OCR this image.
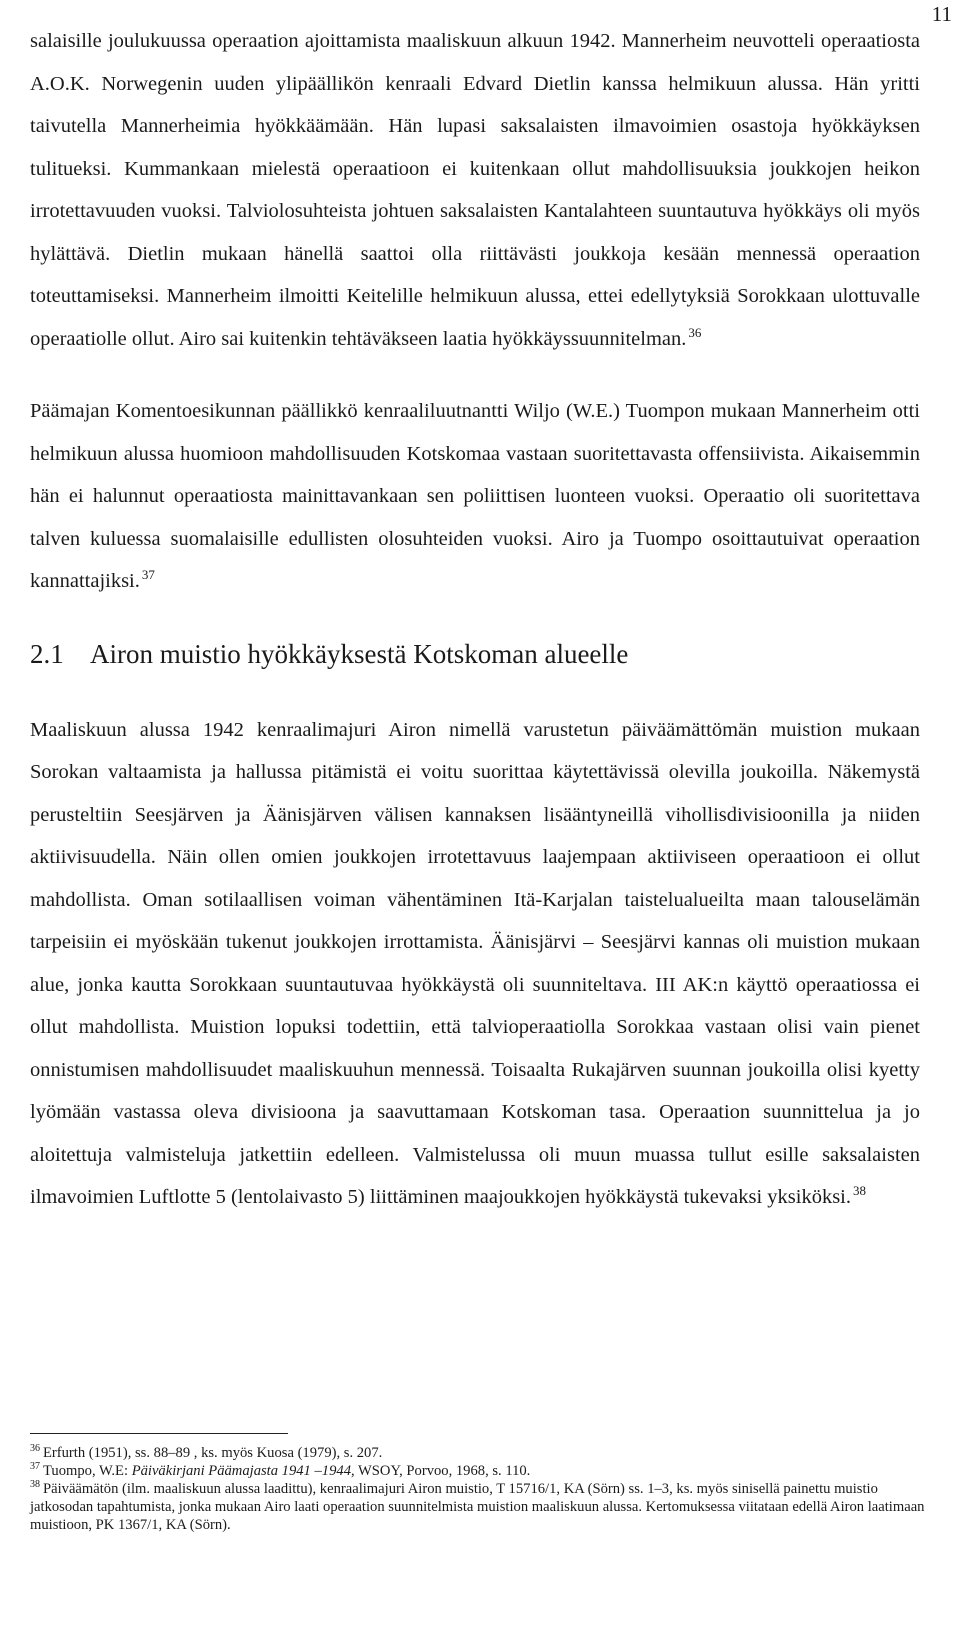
11

salaisille joulukuussa operaation ajoittamista maaliskuun alkuun 1942. Mannerheim neuvotteli operaatiosta A.O.K. Norwegenin uuden ylipäällikön kenraali Edvard Dietlin kanssa helmikuun alussa. Hän yritti taivutella Mannerheimia hyökkäämään. Hän lupasi saksalaisten ilmavoimien osastoja hyökkäyksen tulitueksi. Kummankaan mielestä operaatioon ei kuitenkaan ollut mahdollisuuksia joukkojen heikon irrotettavuuden vuoksi. Talviolosuhteista johtuen saksalaisten Kantalahteen suuntautuva hyökkäys oli myös hylättävä. Dietlin mukaan hänellä saattoi olla riittävästi joukkoja kesään mennessä operaation toteuttamiseksi. Mannerheim ilmoitti Keitelille helmikuun alussa, ettei edellytyksiä Sorokkaan ulottuvalle operaatiolle ollut. Airo sai kuitenkin tehtäväkseen laatia hyökkäyssuunnitelman. $^{36}$

Päämajan Komentoesikunnan päällikkö kenraaliluutnantti Wiljo (W.E.) Tuompon mukaan Mannerheim otti helmikuun alussa huomioon mahdollisuuden Kotskomaa vastaan suoritettavasta offensiivista. Aikaisemmin hän ei halunnut operaatiosta mainittavankaan sen poliittisen luonteen vuoksi. Operaatio oli suoritettava talven kuluessa suomalaisille edullisten olosuhteiden vuoksi. Airo ja Tuompo osoittautuivat operaation kannattajiksi. $^{37}$

2.1 Airon muistio hyökkäyksestä Kotskoman alueelle

Maaliskuun alussa 1942 kenraalimajuri Airon nimellä varustetun päiväämättömän muistion mukaan Sorokan valtaamista ja hallussa pitämistä ei voitu suorittaa käytettävissä olevilla joukoilla. Näkemystä perusteltiin Seesjärven ja Äänisjärven välisen kannaksen lisääntyneillä vihollisdivisioonilla ja niiden aktiivisuudella. Näin ollen omien joukkojen irrotettavuus laajempaan aktiiviseen operaatioon ei ollut mahdollista. Oman sotilaallisen voiman vähentäminen Itä-Karjalan taistelualueilta maan talouselämän tarpeisiin ei myöskään tukenut joukkojen irrottamista. Äänisjärvi – Seesjärvi kannas oli muistion mukaan alue, jonka kautta Sorokkaan suuntautuvaa hyökkäystä oli suunniteltava. III AK:n käyttö operaatiossa ei ollut mahdollista. Muistion lopuksi todettiin, että talvioperaatiolla Sorokkaa vastaan olisi vain pienet onnistumisen mahdollisuudet maaliskuuhun mennessä. Toisaalta Rukajärven suunnan joukoilla olisi kyetty lyömään vastassa oleva divisioona ja saavuttamaan Kotskoman tasa. Operaation suunnittelua ja jo aloitettuja valmisteluja jatkettiin edelleen. Valmistelussa oli muun muassa tullut esille saksalaisten ilmavoimien Luftlotte 5 (lentolaivasto 5) liittäminen maajoukkojen hyökkäystä tukevaksi yksiköksi. $^{38}$

$^{36}$ Erfurth (1951), ss. 88–89 , ks. myös Kuosa (1979), s. 207.

$^{37}$ Tuompo, W.E: Päiväkirjani Päämajasta 1941 –1944, WSOY, Porvoo, 1968, s. 110.

$^{38}$ Päiväämätön (ilm. maaliskuun alussa laadittu), kenraalimajuri Airon muistio, T 15716/1, KA (Sörn) ss. 1–3, ks. myös sinisellä painettu muistio jatkosodan tapahtumista, jonka mukaan Airo laati operaation suunnitelmista muistion maaliskuun alussa. Kertomuksessa viitataan edellä Airon laatimaan muistioon, PK 1367/1, KA (Sörn).
